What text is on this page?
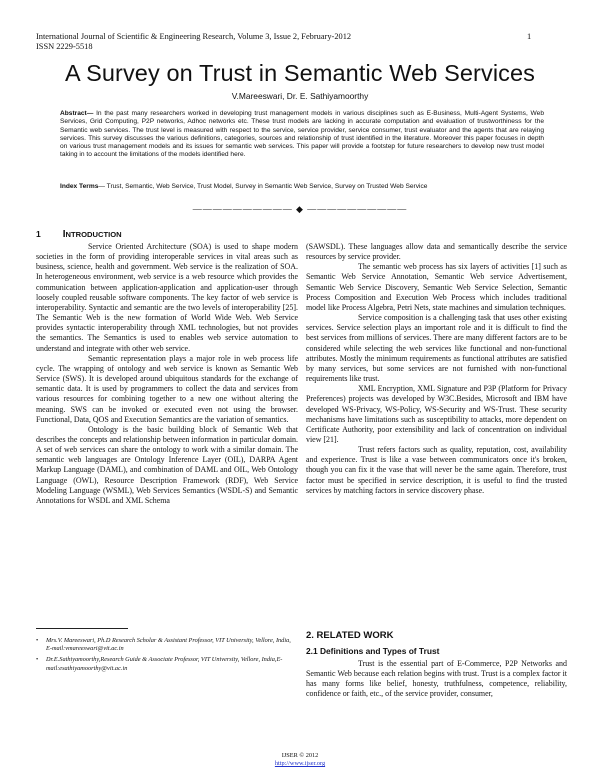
International Journal of Scientific & Engineering Research, Volume 3, Issue 2, February-2012	1
ISSN 2229-5518
A Survey on Trust in Semantic Web Services
V.Mareeswari, Dr. E. Sathiyamoorthy
Abstract— In the past many researchers worked in developing trust management models in various disciplines such as E-Business, Multi-Agent Systems, Web Services, Grid Computing, P2P networks, Adhoc networks etc. These trust models are lacking in accurate computation and evaluation of trustworthiness for the Semantic web services. The trust level is measured with respect to the service, service provider, service consumer, trust evaluator and the agents that are relaying services. This survey discusses the various definitions, categories, sources and relationship of trust identified in the literature. Moreover this paper focuses in depth on various trust management models and its issues for semantic web services. This paper will provide a footstep for future researchers to develop new trust model taking in to account the limitations of the models identified here.
Index Terms— Trust, Semantic, Web Service, Trust Model, Survey in Semantic Web Service, Survey on Trusted Web Service
—————————— ◆ ——————————
1 INTRODUCTION

Service Oriented Architecture (SOA) is used to shape modern societies in the form of providing interoperable services in vital areas such as business, science, health and government. Web service is the realization of SOA. In heterogeneous environment, web service is a web resource which provides the communication between application-application and application-user through loosely coupled reusable software components. The key factor of web service is interoperability. Syntactic and semantic are the two levels of interoperability [25]. The Semantic Web is the new formation of World Wide Web. Web Service provides syntactic interoperability through XML technologies, but not provides the semantics. The Semantics is used to enables web service automation to understand and integrate with other web service.

Semantic representation plays a major role in web process life cycle. The wrapping of ontology and web service is known as Semantic Web Service (SWS). It is developed around ubiquitous standards for the exchange of semantic data. It is used by programmers to collect the data and services from various resources for combining together to a new one without altering the meaning. SWS can be invoked or executed even not using the browser. Functional, Data, QOS and Execution Semantics are the variation of semantics.

Ontology is the basic building block of Semantic Web that describes the concepts and relationship between information in particular domain. A set of web services can share the ontology to work with a similar domain. The semantic web languages are Ontology Inference Layer (OIL), DARPA Agent Markup Language (DAML), and combination of DAML and OIL, Web Ontology Language (OWL), Resource Description Framework (RDF), Web Service Modeling Language (WSML), Web Services Semantics (WSDL-S) and Semantic Annotations for WSDL and XML Schema

• Mrs.V. Mareeswari, Ph.D Research Scholar & Assistant Professor, VIT University, Vellore, India, E-mail:vmareeswari@vit.ac.in
• Dr.E.Sathiyamoorthy,Research Guide & Associate Professor, VIT University, Vellore, India,E-mail:esathiyamoorthy@vit.ac.in

(SAWSDL). These languages allow data and semantically describe the service resources by service provider.

The semantic web process has six layers of activities [1] such as Semantic Web Service Annotation, Semantic Web service Advertisement, Semantic Web Service Discovery, Semantic Web Service Selection, Semantic Process Composition and Execution Web Process which includes traditional model like Process Algebra, Petri Nets, state machines and simulation techniques.

Service composition is a challenging task that uses other existing services. Service selection plays an important role and it is difficult to find the best services from millions of services. There are many different factors are to be considered while selecting the web services like functional and non-functional attributes. Mostly the minimum requirements as functional attributes are satisfied by many services, but some services are not furnished with non-functional requirements like trust.

XML Encryption, XML Signature and P3P (Platform for Privacy Preferences) projects was developed by W3C.Besides, Microsoft and IBM have developed WS-Privacy, WS-Policy, WS-Security and WS-Trust. These security mechanisms have limitations such as susceptibility to attacks, more dependent on Certificate Authority, poor extensibility and lack of concentration on individual view [21].

Trust refers factors such as quality, reputation, cost, availability and experience. Trust is like a vase between communicators once it's broken, though you can fix it the vase that will never be the same again. Therefore, trust factor must be specified in service description, it is useful to find the trusted services by matching factors in service discovery phase.

2. RELATED WORK
2.1 Definitions and Types of Trust

Trust is the essential part of E-Commerce, P2P Networks and Semantic Web because each relation begins with trust. Trust is a complex factor it has many forms like belief, honesty, truthfulness, competence, reliability, confidence or faith, etc., of the service provider, consumer,

IJSER © 2012
http://www.ijser.org
